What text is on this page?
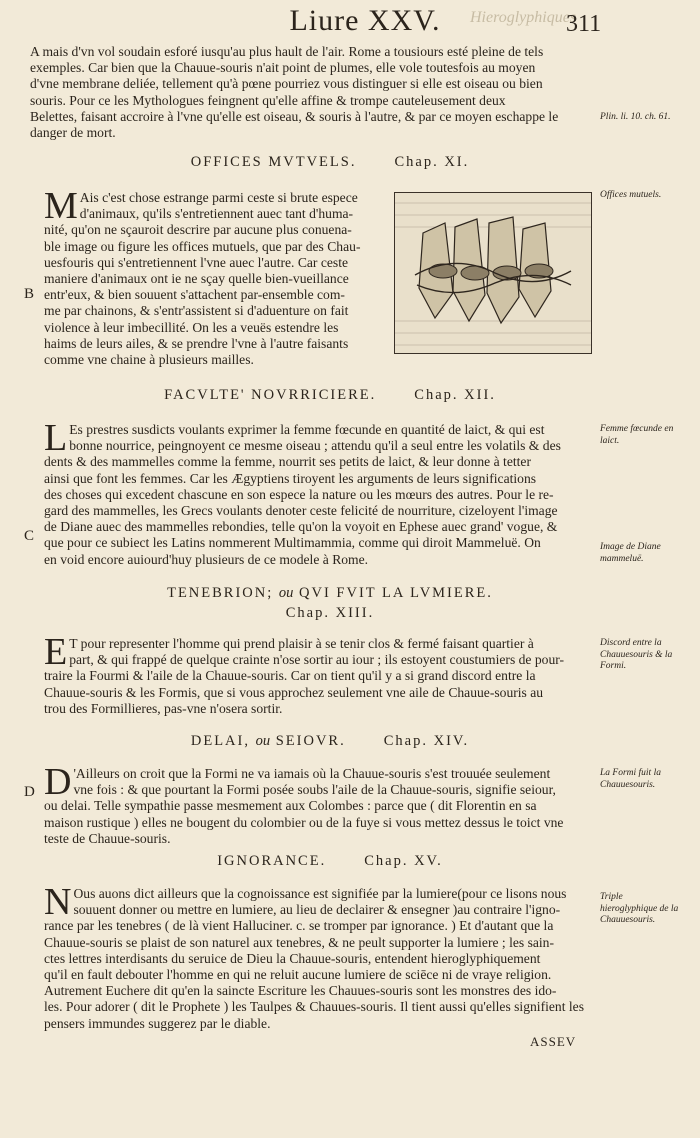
Hieroglyphiques
Liure XXV.	311
A mais d'vn vol soudain esforé iusqu'au plus hault de l'air. Rome a tousiours esté pleine de tels
exemples. Car bien que la Chauue-souris n'ait point de plumes, elle vole toutesfois au moyen
d'vne membrane deliée, tellement qu'à pœne pourriez vous distinguer si elle est oiseau ou bien
souris. Pour ce les Mythologues feingnent qu'elle affine & trompe cauteleusement deux
Belettes, faisant accroire à l'vne qu'elle est oiseau, & souris à l'autre, & par ce moyen eschappe le
danger de mort.
Plin. li. 10. ch. 61.
OFFICES MVTVELS.	Chap. XI.
M Ais c'est chose estrange parmi ceste si brute espece
d'animaux, qu'ils s'entretiennent auec tant d'huma-
nité, qu'on ne sçauroit descrire par aucune plus conuena-
ble image ou figure les offices mutuels, que par des Chau-
uesfouris qui s'entretiennent l'vne auec l'autre. Car ceste
maniere d'animaux ont ie ne sçay quelle bien-vueillance
entr'eux, & bien souuent s'attachent par-ensemble com-
me par chainons, & s'entr'assistent si d'aduenture on fait
violence à leur imbecillité. On les a veuës estendre les
haims de leurs ailes, & se prendre l'vne à l'autre faisants
comme vne chaine à plusieurs mailles.
B
Offices mutuels.
FACVLTE' NOVRRICIERE.	Chap. XII.
L Es prestres susdicts voulants exprimer la femme fœcunde en quantité de laict, & qui est
bonne nourrice, peingnoyent ce mesme oiseau ; attendu qu'il a seul entre les volatils & des
dents & des mammelles comme la femme, nourrit ses petits de laict, & leur donne à tetter
ainsi que font les femmes. Car les Ægyptiens tiroyent les arguments de leurs significations
des choses qui excedent chascune en son espece la nature ou les mœurs des autres. Pour le re-
gard des mammelles, les Grecs voulants denoter ceste felicité de nourriture, cizeloyent l'image
de Diane auec des mammelles rebondies, telle qu'on la voyoit en Ephese auec grand' vogue, &
que pour ce subiect les Latins nommerent Multimammia, comme qui diroit Mammeluë. On
en void encore auiourd'huy plusieurs de ce modele à Rome.
Femme fœcunde en laict.
Image de Diane mammeluë.
C
TENEBRION; ou QVI FVIT LA LVMIERE.
Chap. XIII.
E T pour representer l'homme qui prend plaisir à se tenir clos & fermé faisant quartier à
part, & qui frappé de quelque crainte n'ose sortir au iour ; ils estoyent coustumiers de pour-
traire la Fourmi & l'aile de la Chauue-souris. Car on tient qu'il y a si grand discord entre la
Chauue-souris & les Formis, que si vous approchez seulement vne aile de Chauue-souris au
trou des Formillieres, pas-vne n'osera sortir.
Discord entre la Chauuesouris & la Formi.
DELAI, ou SEIOVR.	Chap. XIV.
D 'Ailleurs on croit que la Formi ne va iamais où la Chauue-souris s'est trouuée seulement
vne fois : & que pourtant la Formi posée soubs l'aile de la Chauue-souris, signifie seiour,
ou delai. Telle sympathie passe mesmement aux Colombes : parce que ( dit Florentin en sa
maison rustique ) elles ne bougent du colombier ou de la fuye si vous mettez dessus le toict vne
teste de Chauue-souris.
La Formi fuit la Chauuesouris.
D
IGNORANCE.	Chap. XV.
N Ous auons dict ailleurs que la cognoissance est signifiée par la lumiere(pour ce lisons nous
souuent donner ou mettre en lumiere, au lieu de declairer & ensegner )au contraire l'igno-
rance par les tenebres ( de là vient Halluciner. c. se tromper par ignorance. ) Et d'autant que la
Chauue-souris se plaist de son naturel aux tenebres, & ne peult supporter la lumiere ; les sain-
ctes lettres interdisants du seruice de Dieu la Chauue-souris, entendent hieroglyphiquement
qu'il en fault debouter l'homme en qui ne reluit aucune lumiere de sciēce ni de vraye religion.
Autrement Euchere dit qu'en la saincte Escriture les Chauues-souris sont les monstres des ido-
les. Pour adorer ( dit le Prophete ) les Taulpes & Chauues-souris. Il tient aussi qu'elles signifient les
pensers immundes suggerez par le diable.
Triple hieroglyphique de la Chauuesouris.
ASSEV
